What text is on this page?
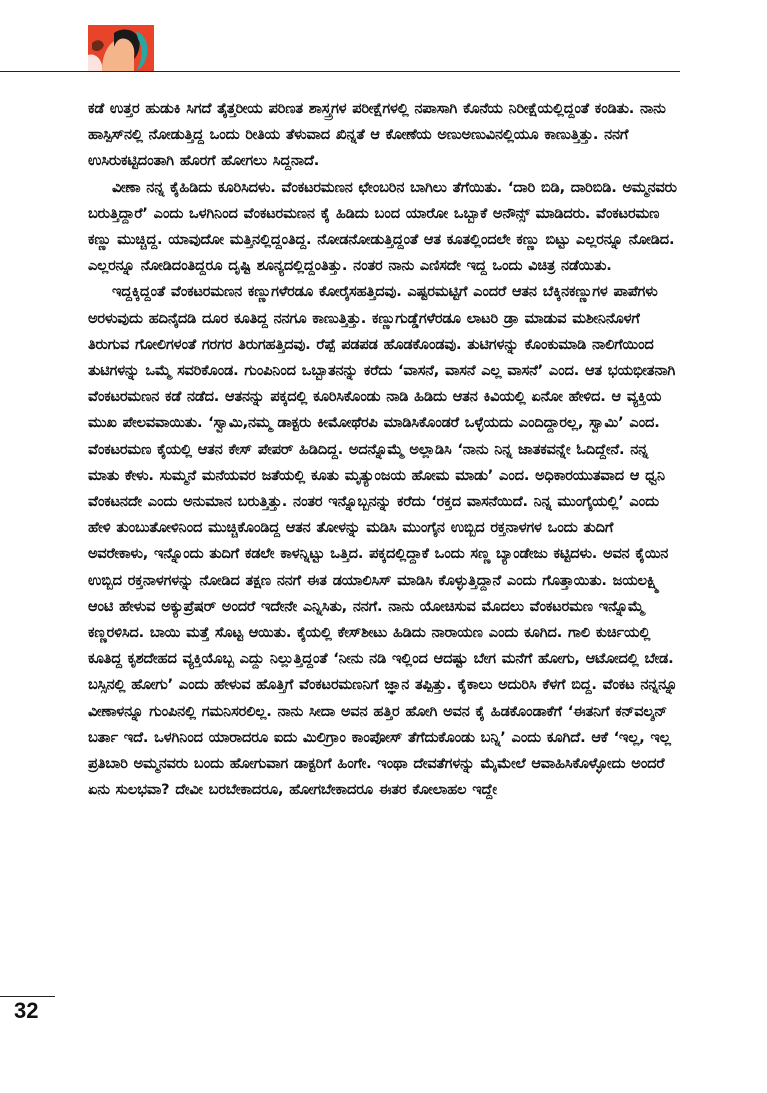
ಕಡೆ ಉತ್ತರ ಹುಡುಕಿ ಸಿಗದೆ ತೈತ್ತರೀಯ ಪರಿಣತ ಶಾಸ್ತ್ರಗಳ ಪರೀಕ್ಷೆಗಳಲ್ಲಿ ನಪಾಸಾಗಿ ಕೊನೆಯ ನಿರೀಕ್ಷೆಯಲ್ಲಿದ್ದಂತೆ ಕಂಡಿತು. ನಾನು ಹಾಸ್ಪಿಸ್‌ನಲ್ಲಿ ನೋಡುತ್ತಿದ್ದ ಒಂದು ರೀತಿಯ ತೆಳುವಾದ ಖಿನ್ನತೆ ಆ ಕೋಣೆಯ ಅಣುಅಣುವಿನಲ್ಲಿಯೂ ಕಾಣುತ್ತಿತ್ತು. ನನಗೆ ಉಸಿರುಕಟ್ಟಿದಂತಾಗಿ ಹೊರಗೆ ಹೋಗಲು ಸಿದ್ದನಾದೆ.

ವೀಣಾ ನನ್ನ ಕೈಹಿಡಿದು ಕೂರಿಸಿದಳು. ವೆಂಕಟರಮಣನ ಛೇಂಬರಿನ ಬಾಗಿಲು ತೆಗೆಯಿತು. ‘ದಾರಿ ಬಿಡಿ, ದಾರಿಬಿಡಿ. ಅಮ್ಮನವರು ಬರುತ್ತಿದ್ದಾರೆ’ ಎಂದು ಒಳಗಿನಿಂದ ವೆಂಕಟರಮಣನ ಕೈ ಹಿಡಿದು ಬಂದ ಯಾರೋ ಒಬ್ಬಾಕೆ ಅನೌನ್ಸ್ ಮಾಡಿದರು. ವೆಂಕಟರಮಣ ಕಣ್ಣು ಮುಚ್ಚಿದ್ದ. ಯಾವುದೋ ಮತ್ತಿನಲ್ಲಿದ್ದಂತಿದ್ದ. ನೋಡನೋಡುತ್ತಿದ್ದಂತೆ ಆತ ಕೂತಲ್ಲಿಂದಲೇ ಕಣ್ಣು ಬಿಟ್ಟು ಎಲ್ಲರನ್ನೂ ನೋಡಿದ. ಎಲ್ಲರನ್ನೂ ನೋಡಿದಂತಿದ್ದರೂ ದೃಷ್ಟಿ ಶೂನ್ಯದಲ್ಲಿದ್ದಂತಿತ್ತು. ನಂತರ ನಾನು ಎಣಿಸದೇ ಇದ್ದ ಒಂದು ವಿಚಿತ್ರ ನಡೆಯಿತು.

ಇದ್ದಕ್ಕಿದ್ದಂತೆ ವೆಂಕಟರಮಣನ ಕಣ್ಣುಗಳೆರಡೂ ಕೋರೈಸಹತ್ತಿದವು. ಎಷ್ಟರಮಟ್ಟಿಗೆ ಎಂದರೆ ಆತನ ಬೆಕ್ಕಿನಕಣ್ಣುಗಳ ಪಾಪೆಗಳು ಅರಳುವುದು ಹದಿನೈದಡಿ ದೂರ ಕೂತಿದ್ದ ನನಗೂ ಕಾಣುತ್ತಿತ್ತು. ಕಣ್ಣುಗುಡ್ಡೆಗಳೆರಡೂ ಲಾಟರಿ ಡ್ರಾ ಮಾಡುವ ಮಶೀನಿನೊಳಗೆ ತಿರುಗುವ ಗೋಲಿಗಳಂತೆ ಗರಗರ ತಿರುಗಹತ್ತಿದವು. ರೆಪ್ಪೆ ಪಡಪಡ ಹೊಡಕೊಂಡವು. ತುಟಿಗಳನ್ನು ಕೊಂಕುಮಾಡಿ ನಾಲಿಗೆಯಿಂದ ತುಟಿಗಳನ್ನು ಒಮ್ಮೆ ಸವರಿಕೊಂಡ. ಗುಂಪಿನಿಂದ ಒಬ್ಬಾತನನ್ನು ಕರೆದು ‘ವಾಸನೆ, ವಾಸನೆ ಎಲ್ಲ ವಾಸನೆ’ ಎಂದ. ಆತ ಭಯಭೀತನಾಗಿ ವೆಂಕಟರಮಣನ ಕಡೆ ನಡೆದ. ಆತನನ್ನು ಪಕ್ಕದಲ್ಲಿ ಕೂರಿಸಿಕೊಂಡು ನಾಡಿ ಹಿಡಿದು ಆತನ ಕಿವಿಯಲ್ಲಿ ಏನೋ ಹೇಳಿದ. ಆ ವ್ಯಕ್ತಿಯ ಮುಖ ಪೇಲವವಾಯಿತು. ‘ಸ್ವಾಮಿ,ನಮ್ಮ ಡಾಕ್ಟರು ಕೀಮೋಥೆರಪಿ ಮಾಡಿಸಿಕೊಂಡರೆ ಒಳ್ಳೆಯದು ಎಂದಿದ್ದಾರಲ್ಲ, ಸ್ವಾಮಿ’ ಎಂದ. ವೆಂಕಟರಮಣ ಕೈಯಲ್ಲಿ ಆತನ ಕೇಸ್ ಪೇಪರ್ ಹಿಡಿದಿದ್ದ. ಅದನ್ನೊಮ್ಮೆ ಅಲ್ಲಾಡಿಸಿ ‘ನಾನು ನಿನ್ನ ಜಾತಕವನ್ನೇ ಓದಿದ್ದೇನೆ. ನನ್ನ ಮಾತು ಕೇಳು. ಸುಮ್ಮನೆ ಮನೆಯವರ ಜತೆಯಲ್ಲಿ ಕೂತು ಮೃತ್ಯುಂಜಯ ಹೋಮ ಮಾಡು’ ಎಂದ. ಅಧಿಕಾರಯುತವಾದ ಆ ಧ್ವನಿ ವೆಂಕಟನದೇ ಎಂದು ಅನುಮಾನ ಬರುತ್ತಿತ್ತು. ನಂತರ ಇನ್ನೊಬ್ಬನನ್ನು ಕರೆದು ‘ರಕ್ತದ ವಾಸನೆಯಿದೆ. ನಿನ್ನ ಮುಂಗೈಯಲ್ಲಿ’ ಎಂದು ಹೇಳಿ ತುಂಬುತೋಳಿನಿಂದ ಮುಚ್ಚಿಕೊಂಡಿದ್ದ ಆತನ ತೋಳನ್ನು ಮಡಿಸಿ ಮುಂಗೈನ ಉಬ್ಬಿದ ರಕ್ತನಾಳಗಳ ಒಂದು ತುದಿಗೆ ಅವರೇಕಾಳು, ಇನ್ನೊಂದು ತುದಿಗೆ ಕಡಲೇ ಕಾಳನ್ನಿಟ್ಟು ಒತ್ತಿದ. ಪಕ್ಕದಲ್ಲಿದ್ದಾಕೆ ಒಂದು ಸಣ್ಣ ಬ್ಯಾಂಡೇಜು ಕಟ್ಟಿದಳು. ಅವನ ಕೈಯಿನ ಉಬ್ಬಿದ ರಕ್ತನಾಳಗಳನ್ನು ನೋಡಿದ ತಕ್ಷಣ ನನಗೆ ಈತ ಡಯಾಲಿಸಿಸ್ ಮಾಡಿಸಿ ಕೊಳ್ಳುತ್ತಿದ್ದಾನೆ ಎಂದು ಗೊತ್ತಾಯಿತು. ಜಯಲಕ್ಷ್ಮಿ ಆಂಟಿ ಹೇಳುವ ಅಕ್ಯುಪ್ರೆಷರ್ ಅಂದರೆ ಇದೇನೇ ಎನ್ನಿಸಿತು, ನನಗೆ. ನಾನು ಯೋಚಿಸುವ ಮೊದಲು ವೆಂಕಟರಮಣ ಇನ್ನೊಮ್ಮೆ ಕಣ್ಣರಳಿಸಿದ. ಬಾಯಿ ಮತ್ತೆ ಸೊಟ್ಟ ಆಯಿತು. ಕೈಯಲ್ಲಿ ಕೇಸ್‌ಶೀಟು ಹಿಡಿದು ನಾರಾಯಣ ಎಂದು ಕೂಗಿದ. ಗಾಲಿ ಕುರ್ಚಿಯಲ್ಲಿ ಕೂತಿದ್ದ ಕೃಶದೇಹದ ವ್ಯಕ್ತಿಯೊಬ್ಬ ಎದ್ದು ನಿಲ್ಲುತ್ತಿದ್ದಂತೆ ‘ನೀನು ನಡಿ ಇಲ್ಲಿಂದ ಆದಷ್ಟು ಬೇಗ ಮನೆಗೆ ಹೋಗು, ಆಟೋದಲ್ಲಿ ಬೇಡ. ಬಸ್ಸಿನಲ್ಲಿ ಹೋಗು’ ಎಂದು ಹೇಳುವ ಹೊತ್ತಿಗೆ ವೆಂಕಟರಮಣನಿಗೆ ಜ್ಞಾನ ತಪ್ಪಿತ್ತು. ಕೈಕಾಲು ಅದುರಿಸಿ ಕೆಳಗೆ ಬಿದ್ದ. ವೆಂಕಟ ನನ್ನನ್ನೂ ವೀಣಾಳನ್ನೂ ಗುಂಪಿನಲ್ಲಿ ಗಮನಿಸರಲಿಲ್ಲ. ನಾನು ಸೀದಾ ಅವನ ಹತ್ತಿರ ಹೋಗಿ ಅವನ ಕೈ ಹಿಡಕೊಂಡಾಕೆಗೆ ‘ಈತನಿಗೆ ಕನ್‌ವಲ್ಶನ್ ಬರ್ತಾ ಇದೆ. ಒಳಗಿನಿಂದ ಯಾರಾದರೂ ಐದು ಮಿಲಿಗ್ರಾಂ ಕಾಂಪೋಸ್ ತೆಗೆದುಕೊಂಡು ಬನ್ನಿ’ ಎಂದು ಕೂಗಿದೆ. ಆಕೆ ‘ಇಲ್ಲ, ಇಲ್ಲ ಪ್ರತಿಬಾರಿ ಅಮ್ಮನವರು ಬಂದು ಹೋಗುವಾಗ ಡಾಕ್ಟರಿಗೆ ಹಿಂಗೇ. ಇಂಥಾ ದೇವತೆಗಳನ್ನು ಮೈಮೇಲೆ ಆವಾಹಿಸಿಕೊಳ್ಳೋದು ಅಂದರೆ ಏನು ಸುಲಭವಾ? ದೇವೀ ಬರಬೇಕಾದರೂ, ಹೋಗಬೇಕಾದರೂ ಈತರ ಕೋಲಾಹಲ ಇದ್ದೇ

32
